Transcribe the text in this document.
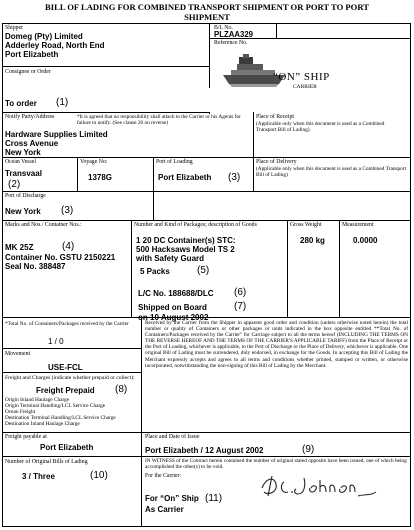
BILL OF LADING FOR COMBINED TRANSPORT SHIPMENT OR PORT TO PORT
SHIPMENT
Shipper
Domeg (Pty) Limited
Adderley Road, North End
Port Elizabeth
B/L No.
PLZAA329
Reference No.
“ON” SHIP
CARRIER
Consignee or Order
To order (1)
Notify Party/Address	*It is agreed that no responsibility shall attach to the Carrier or his Agents for failure to notify. (See clause 20 on reverse)
Hardware Supplies Limited
Cross Avenue
New York
Place of Receipt
(Applicable only when this document is used as a Combined Transport Bill of Lading).
Ocean Vessel
Transvaal
(2)
Voyage No:
1378G
Port of Loading
Port Elizabeth (3)
Place of Delivery
(Applicable only when this document is used as a Combined Transport Bill of Lading)
Port of Discharge
New York (3)
Marks and Nos./ Container Nos.:
MK 25Z	(4)
Container No. GSTU 2150221
Seal No. 388487
Number and Kind of Packages; description of Goods
1 20 DC Container(s) STC:
500 Hacksaws Model TS 2
with Safety Guard
5 Packs	(5)
Gross Weight
280 kg
Measurement
0.0000
L/C No. 188688/DLC (6)
Shipped on Board	(7)
on 10 August 2002
*Total No. of Containers/Packages received by the Carrier
1 / 0
Movement
USE-FCL
Freight and Charges (indicate whether prepaid or collect):
Freight Prepaid (8)
Origin Inland Haulage Charge
Origin Terminal Handling/LCL Service Charge
Ocean Freight
Destination Terminal Handling/LCL Service Charge
Destination Inland Haulage Charge
Received by the Carrier from the Shipper in apparent good order and condition (unless otherwise noted herein) the total number or quality of Containers or other packages or units indicated in the box opposite entitled **Total No. of Containers/Packages received by the Carrier" for Carriage subject to all the terms hereof (INCLUDING THE TERMS ON THE REVERSE HEREOF AND THE TERMS OF THE CARRIER'S APPLICABLE TARIFF) from the Place of Receipt or the Port of Loading, whichever is applicable, to the Port of Discharge or the Place of Delivery, whichever is applicable. One original Bill of Lading must be surrendered, duly endorsed, in exchange for the Goods. In accepting this Bill of Lading the Merchant expressly accepts and agrees to all terms and conditions whether printed, stamped or written, or otherwise incorporated, notwithstanding the non-signing of this Bill of Lading by the Merchant.
Freight payable at
Port Elizabeth
Place and Date of Issue
Port Elizabeth / 12 August 2002	(9)
Number of Original Bills of Lading
3 / Three	(10)
IN WITNESS of the Contract herein contained the number of original stated opposite have been issued, one of which being accomplished the other(s) to be void.
For the Carrier:
For “On” Ship (11)
As Carrier
